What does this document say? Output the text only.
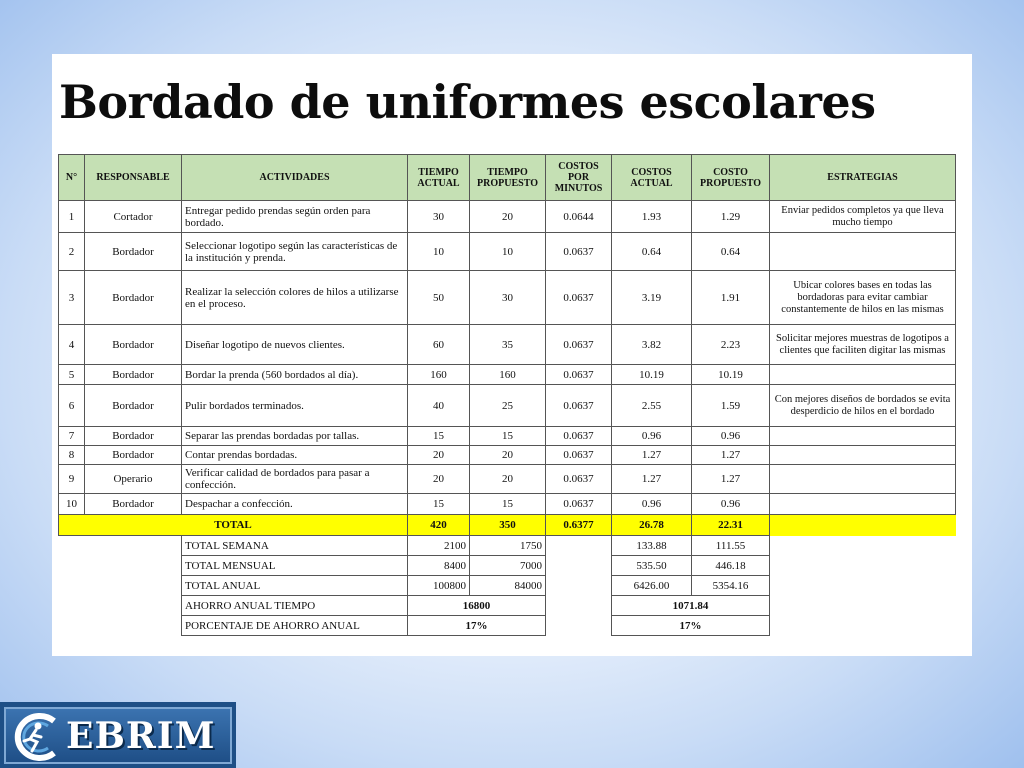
Bordado de uniformes escolares
N°	RESPONSABLE	ACTIVIDADES	TIEMPO ACTUAL	TIEMPO PROPUESTO	COSTOS POR MINUTOS	COSTOS ACTUAL	COSTO PROPUESTO	ESTRATEGIAS
1	Cortador	Entregar pedido prendas según orden para bordado.	30	20	0.0644	1.93	1.29	Enviar pedidos completos ya que lleva mucho tiempo
2	Bordador	Seleccionar logotipo según las características de la institución y prenda.	10	10	0.0637	0.64	0.64	
3	Bordador	Realizar la selección colores de hilos a utilizarse en el proceso.	50	30	0.0637	3.19	1.91	Ubicar colores bases en todas las bordadoras para evitar cambiar constantemente de hilos en las mismas
4	Bordador	Diseñar logotipo de nuevos clientes.	60	35	0.0637	3.82	2.23	Solicitar mejores muestras de logotipos a clientes que faciliten digitar las mismas
5	Bordador	Bordar la prenda (560 bordados al día).	160	160	0.0637	10.19	10.19	
6	Bordador	Pulir bordados terminados.	40	25	0.0637	2.55	1.59	Con mejores diseños de bordados se evita desperdicio de hilos en el bordado
7	Bordador	Separar las prendas bordadas por tallas.	15	15	0.0637	0.96	0.96	
8	Bordador	Contar prendas bordadas.	20	20	0.0637	1.27	1.27	
9	Operario	Verificar calidad de bordados para pasar a confección.	20	20	0.0637	1.27	1.27	
10	Bordador	Despachar a confección.	15	15	0.0637	0.96	0.96	
TOTAL			420	350	0.6377	26.78	22.31	
		TOTAL SEMANA	2100	1750		133.88	111.55	
		TOTAL MENSUAL	8400	7000		535.50	446.18	
		TOTAL ANUAL	100800	84000		6426.00	5354.16	
		AHORRO ANUAL TIEMPO	16800			1071.84		
		PORCENTAJE DE AHORRO ANUAL	17%			17%		
EBRIM
